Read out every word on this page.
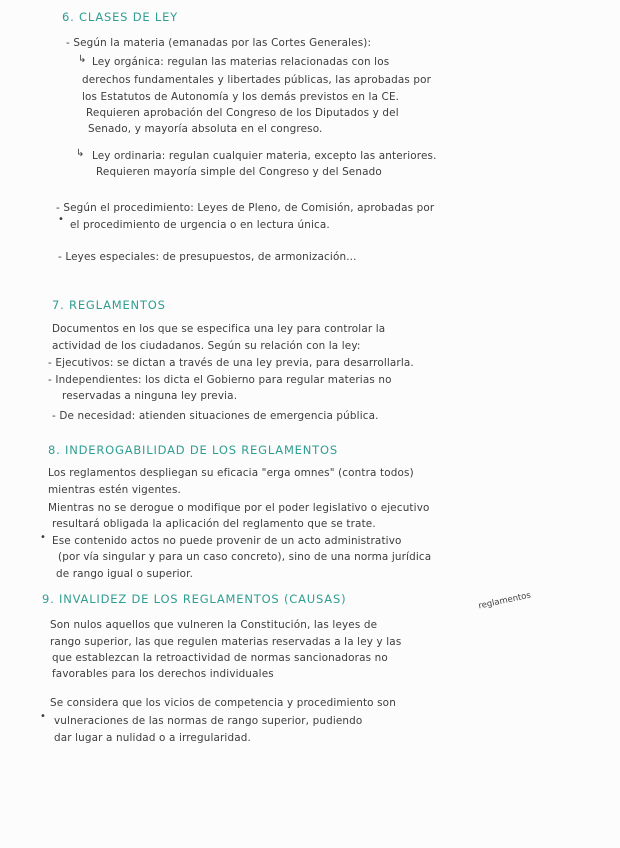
6. CLASES DE LEY
- Según la materia (emanadas por las Cortes Generales):
↳ Ley orgánica: regulan las materias relacionadas con los
derechos fundamentales y libertades públicas, las aprobadas por
los Estatutos de Autonomía y los demás previstos en la CE.
Requieren aprobación del Congreso de los Diputados y del
Senado, y mayoría absoluta en el congreso.
↳ Ley ordinaria: regulan cualquier materia, excepto las anteriores.
Requieren mayoría simple del Congreso y del Senado
- Según el procedimiento: Leyes de Pleno, de Comisión, aprobadas por
• el procedimiento de urgencia o en lectura única.
- Leyes especiales: de presupuestos, de armonización...
7. REGLAMENTOS
Documentos en los que se especifica una ley para controlar la
actividad de los ciudadanos. Según su relación con la ley:
- Ejecutivos: se dictan a través de una ley previa, para desarrollarla.
- Independientes: los dicta el Gobierno para regular materias no
reservadas a ninguna ley previa.
- De necesidad: atienden situaciones de emergencia pública.
8. INDEROGABILIDAD DE LOS REGLAMENTOS
Los reglamentos despliegan su eficacia "erga omnes" (contra todos)
mientras estén vigentes.
Mientras no se derogue o modifique por el poder legislativo o ejecutivo
resultará obligada la aplicación del reglamento que se trate.
• Ese contenido actos no puede provenir de un acto administrativo
(por vía singular y para un caso concreto), sino de una norma jurídica
de rango igual o superior.
9. INVALIDEZ DE LOS REGLAMENTOS (CAUSAS)	reglamentos
Son nulos aquellos que vulneren la Constitución, las leyes de
rango superior, las que regulen materias reservadas a la ley y las
que establezcan la retroactividad de normas sancionadoras no
favorables para los derechos individuales
Se considera que los vicios de competencia y procedimiento son
• vulneraciones de las normas de rango superior, pudiendo
dar lugar a nulidad o a irregularidad.
